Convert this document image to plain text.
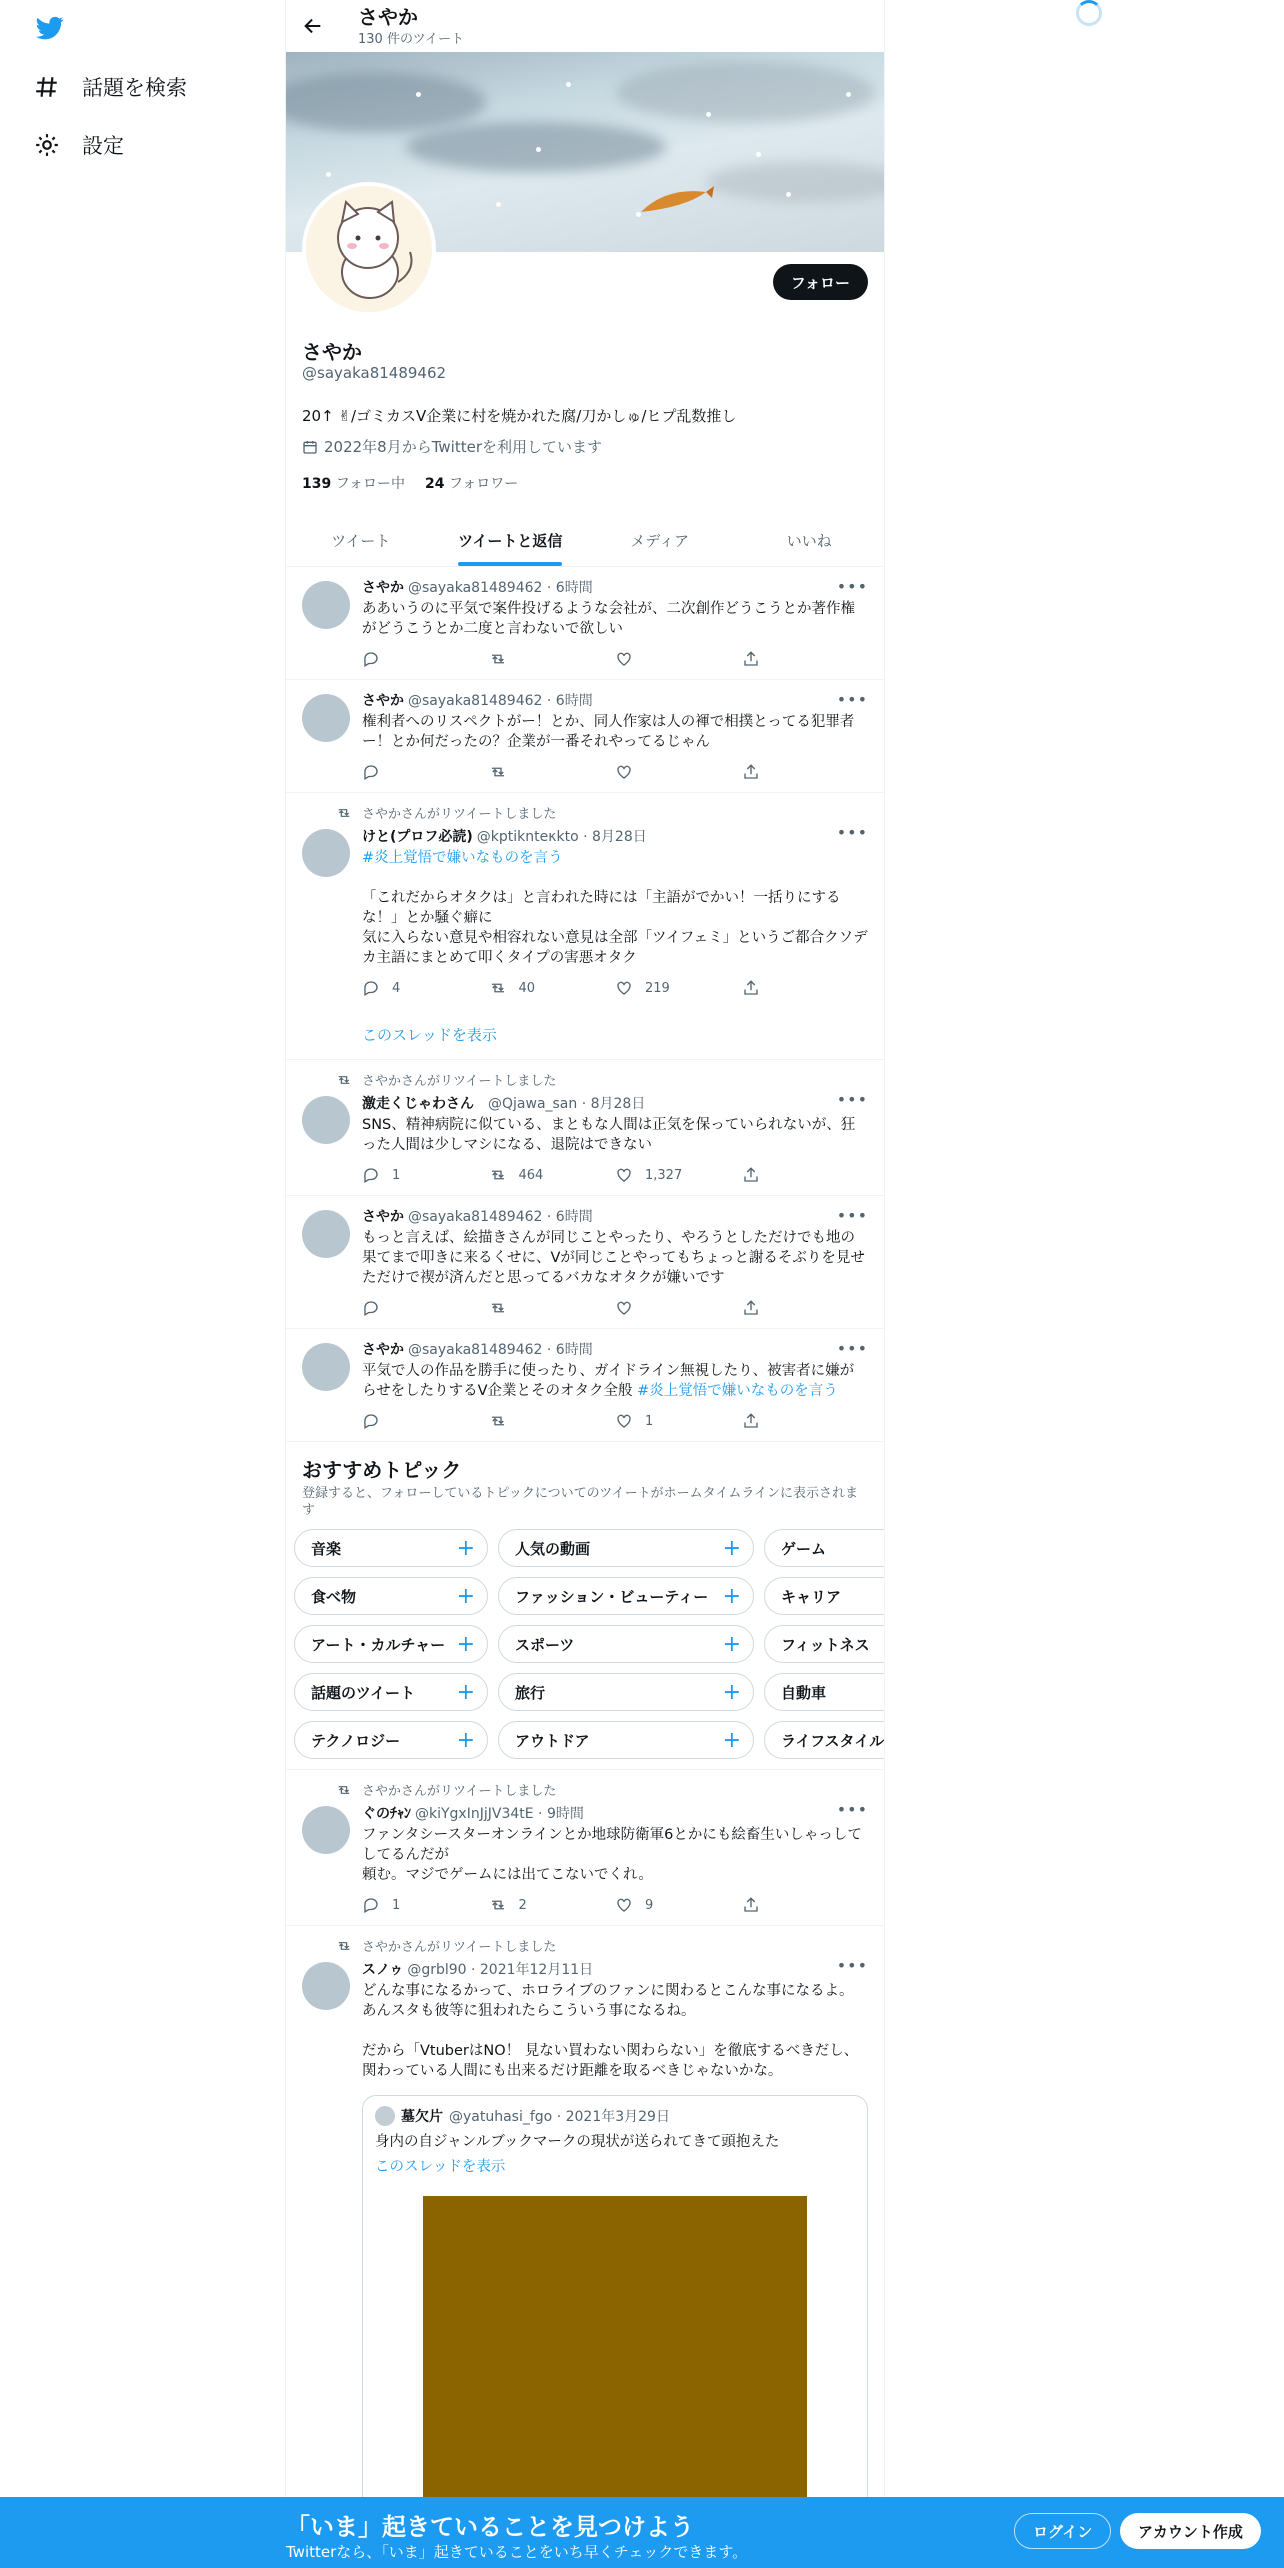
話題を検索
設定
さやか
130 件のツイート
フォロー
さやか
@sayaka81489462
20↑ ✌︎/ゴミカスV企業に村を焼かれた腐/刀かしゅ/ヒプ乱数推し
2022年8月からTwitterを利用しています
139 フォロー中 24 フォロワー
ツイート	ツイートと返信	メディア	いいね
•••
さやか @sayaka81489462 · 6時間
ああいうのに平気で案件投げるような会社が、二次創作どうこうとか著作権がどうこうとか二度と言わないで欲しい
•••
さやか @sayaka81489462 · 6時間
権利者へのリスペクトがー！とか、同人作家は人の褌で相撲とってる犯罪者ー！とか何だったの？企業が一番それやってるじゃん
さやかさんがリツイートしました
•••
けと(プロフ必読) @kptiknteκkto · 8月28日
#炎上覚悟で嫌いなものを言う
「これだからオタクは」と言われた時には「主語がでかい！一括りにするな！」とか騒ぐ癖に
気に入らない意見や相容れない意見は全部「ツイフェミ」というご都合クソデカ主語にまとめて叩くタイプの害悪オタク
4	40	219
このスレッドを表示
さやかさんがリツイートしました
•••
激走くじゃわさん @Qjawa_san · 8月28日
SNS、精神病院に似ている、まともな人間は正気を保っていられないが、狂った人間は少しマシになる、退院はできない
1	464	1,327
•••
さやか @sayaka81489462 · 6時間
もっと言えば、絵描きさんが同じことやったり、やろうとしただけでも地の果てまで叩きに来るくせに、Vが同じことやってもちょっと謝るそぶりを見せただけで禊が済んだと思ってるバカなオタクが嫌いです
•••
さやか @sayaka81489462 · 6時間
平気で人の作品を勝手に使ったり、ガイドライン無視したり、被害者に嫌がらせをしたりするV企業とそのオタク全般 #炎上覚悟で嫌いなものを言う
1
おすすめトピック
登録すると、フォローしているトピックについてのツイートがホームタイムラインに表示されます
音楽	+	人気の動画	+	ゲーム
食べ物	+	ファッション・ビューティー +	キャリア
アート・カルチャー +	スポーツ	+	フィットネス
話題のツイート +	旅行	+	自動車
テクノロジー	+	アウトドア	+	ライフスタイル
さやかさんがリツイートしました
•••
ぐのﾁｬﾝ @kiYgxInJjJV34tE · 9時間
ファンタシースターオンラインとか地球防衛軍6とかにも絵畜生いしゃっしてしてるんだが
頼む。マジでゲームには出てこないでくれ。
1	2	9
さやかさんがリツイートしました
•••
スノゥ @grbl90 · 2021年12月11日
どんな事になるかって、ホロライブのファンに関わるとこんな事になるよ。
あんスタも彼等に狙われたらこういう事になるね。

だから「VtuberはNO！ 見ない買わない関わらない」を徹底するべきだし、関わっている人間にも出来るだけ距離を取るべきじゃないかな。
墓欠片 @yatuhasi_fgo · 2021年3月29日
身内の自ジャンルブックマークの現状が送られてきて頭抱えた
このスレッドを表示
「いま」起きていることを見つけよう
Twitterなら、「いま」起きていることをいち早くチェックできます。
ログイン	アカウント作成
